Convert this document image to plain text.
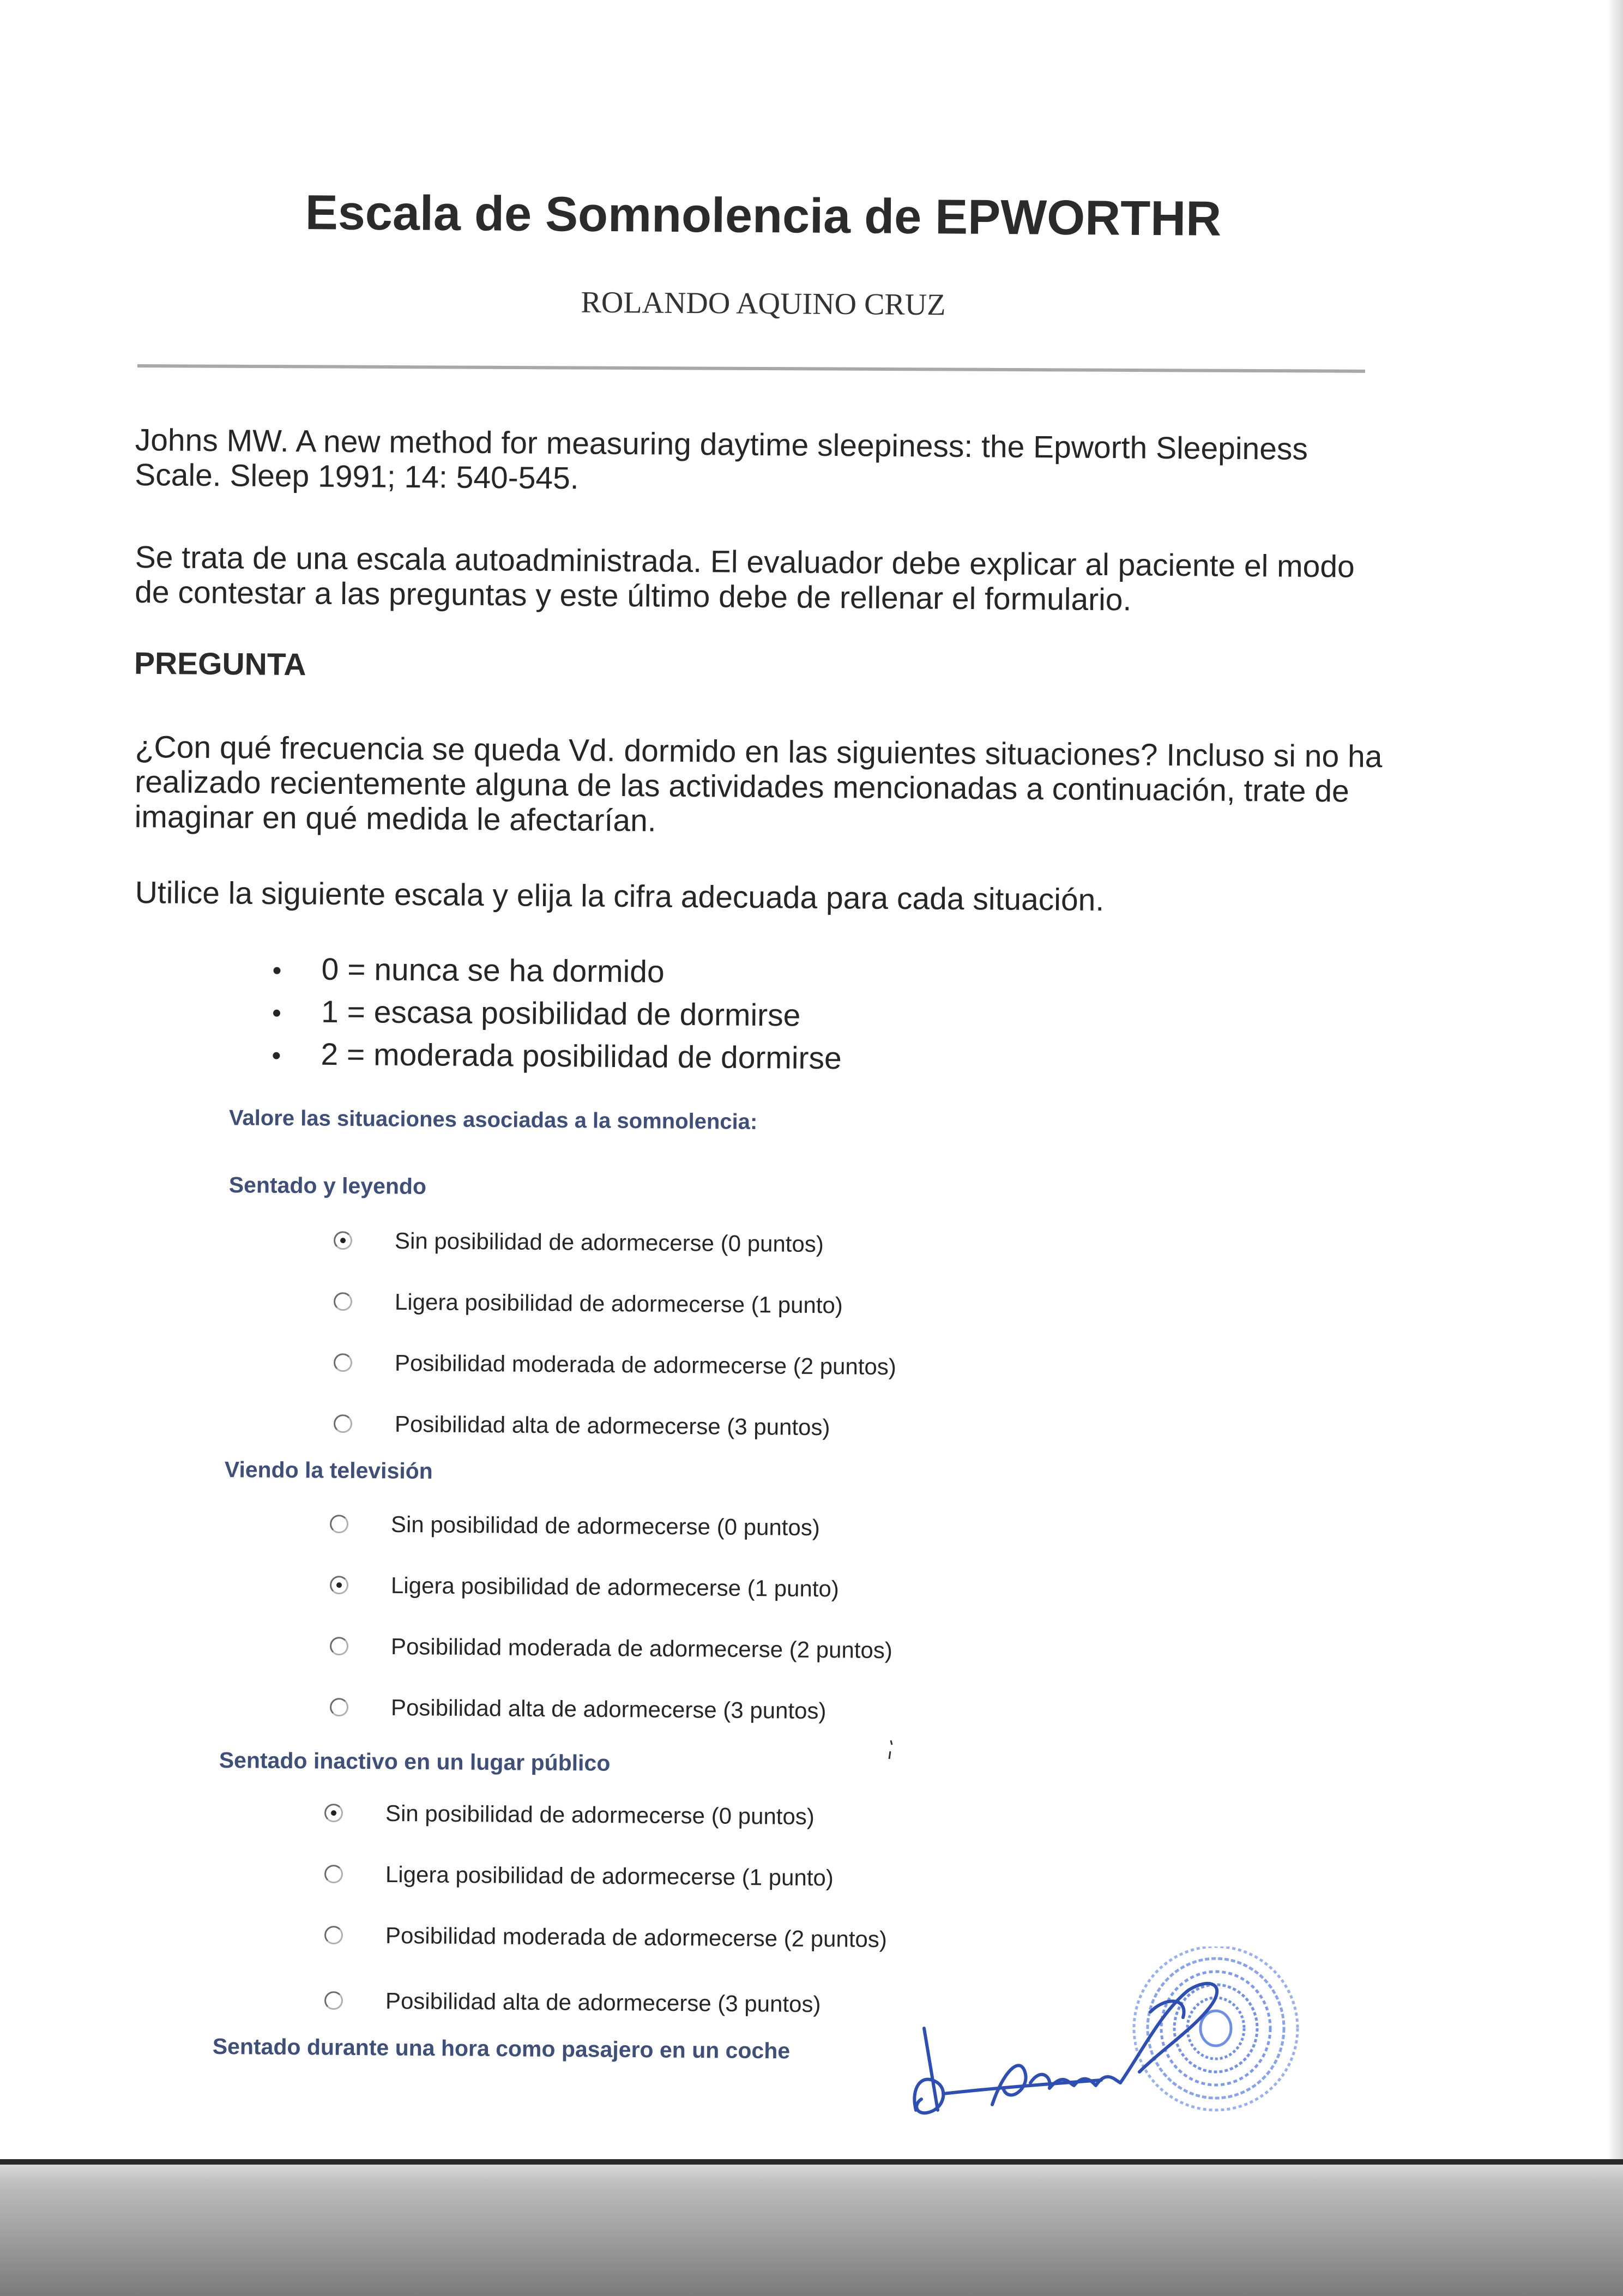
Escala de Somnolencia de EPWORTHR
ROLANDO AQUINO CRUZ
Johns MW. A new method for measuring daytime sleepiness: the Epworth Sleepiness Scale. Sleep 1991; 14: 540-545.
Se trata de una escala autoadministrada. El evaluador debe explicar al paciente el modo de contestar a las preguntas y este último debe de rellenar el formulario.
PREGUNTA
¿Con qué frecuencia se queda Vd. dormido en las siguientes situaciones? Incluso si no ha realizado recientemente alguna de las actividades mencionadas a continuación, trate de imaginar en qué medida le afectarían.
Utilice la siguiente escala y elija la cifra adecuada para cada situación.
• 0 = nunca se ha dormido
• 1 = escasa posibilidad de dormirse
• 2 = moderada posibilidad de dormirse
Valore las situaciones asociadas a la somnolencia:
Sentado y leyendo
Sin posibilidad de adormecerse (0 puntos)
Ligera posibilidad de adormecerse (1 punto)
Posibilidad moderada de adormecerse (2 puntos)
Posibilidad alta de adormecerse (3 puntos)
Viendo la televisión
Sin posibilidad de adormecerse (0 puntos)
Ligera posibilidad de adormecerse (1 punto)
Posibilidad moderada de adormecerse (2 puntos)
Posibilidad alta de adormecerse (3 puntos)
Sentado inactivo en un lugar público
Sin posibilidad de adormecerse (0 puntos)
Ligera posibilidad de adormecerse (1 punto)
Posibilidad moderada de adormecerse (2 puntos)
Posibilidad alta de adormecerse (3 puntos)
Sentado durante una hora como pasajero en un coche
